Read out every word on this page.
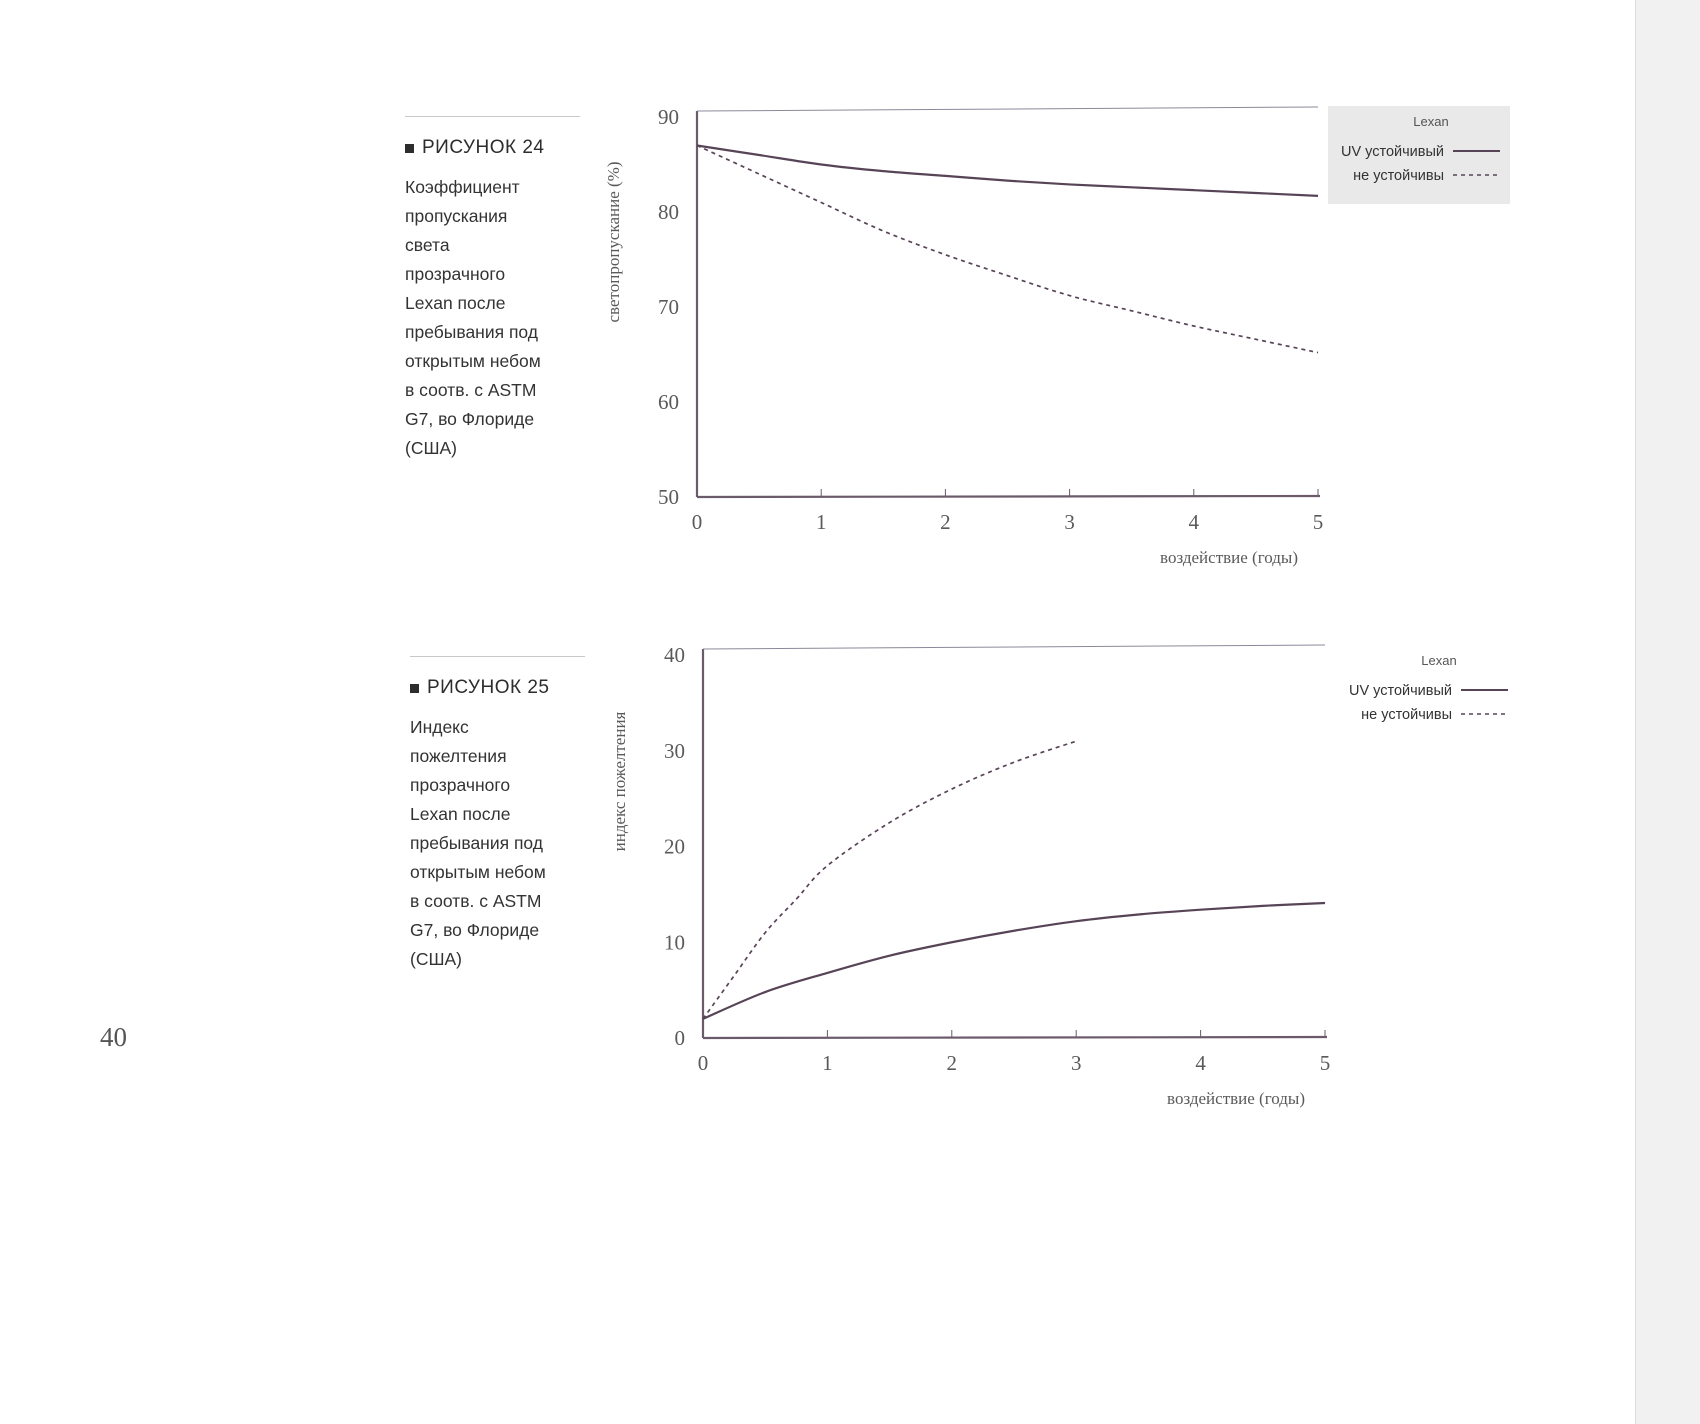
РИСУНОК 24
Коэффициент
пропускания
света
прозрачного
Lexan после
пребывания под
открытым небом
в соотв. с ASTM
G7, во Флориде
(США)
РИСУНОК 25
Индекс
пожелтения
прозрачного
Lexan после
пребывания под
открытым небом
в соотв. с ASTM
G7, во Флориде
(США)
40
0	1	2	3	4	5
50
60
70
80
90
воздействие (годы)
светопропускание (%)
Lexan
UV устойчивый
не устойчивы
0	1	2	3	4	5
0
10
20
30
40
воздействие (годы)
индекс пожелтения
Lexan
UV устойчивый
не устойчивы
